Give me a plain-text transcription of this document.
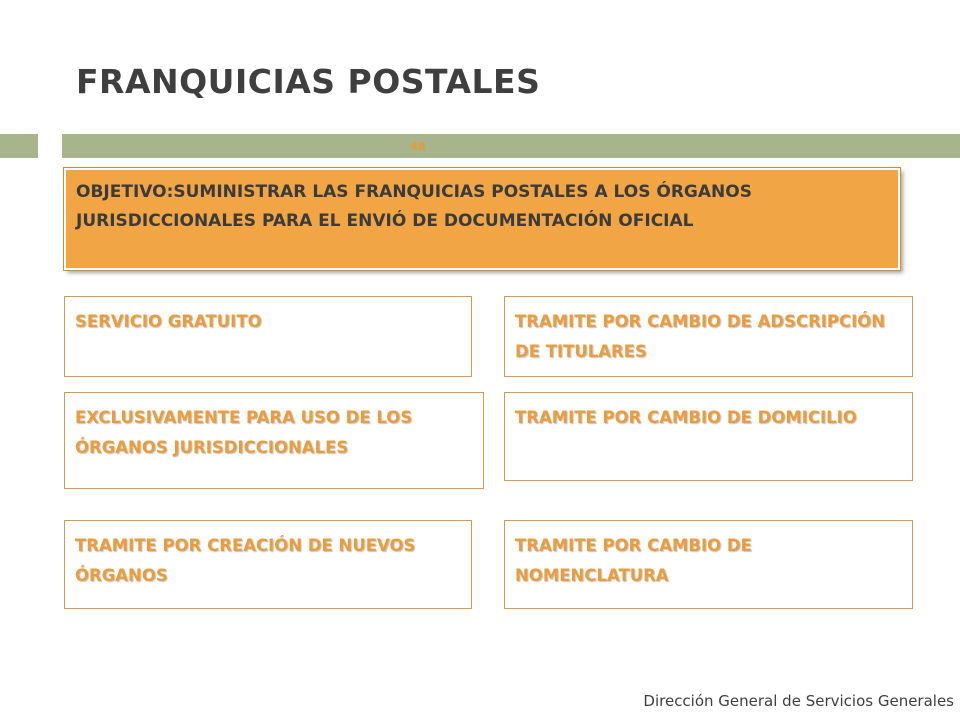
FRANQUICIAS POSTALES
48
OBJETIVO:SUMINISTRAR LAS FRANQUICIAS POSTALES A LOS ÓRGANOS JURISDICCIONALES PARA EL ENVIÓ DE DOCUMENTACIÓN OFICIAL
SERVICIO GRATUITO	TRAMITE POR CAMBIO DE ADSCRIPCIÓN DE TITULARES
EXCLUSIVAMENTE PARA USO DE LOS ÓRGANOS JURISDICCIONALES
TRAMITE POR CAMBIO DE DOMICILIO
TRAMITE POR CREACIÓN DE NUEVOS ÓRGANOS
TRAMITE POR CAMBIO DE NOMENCLATURA
Dirección General de Servicios Generales
